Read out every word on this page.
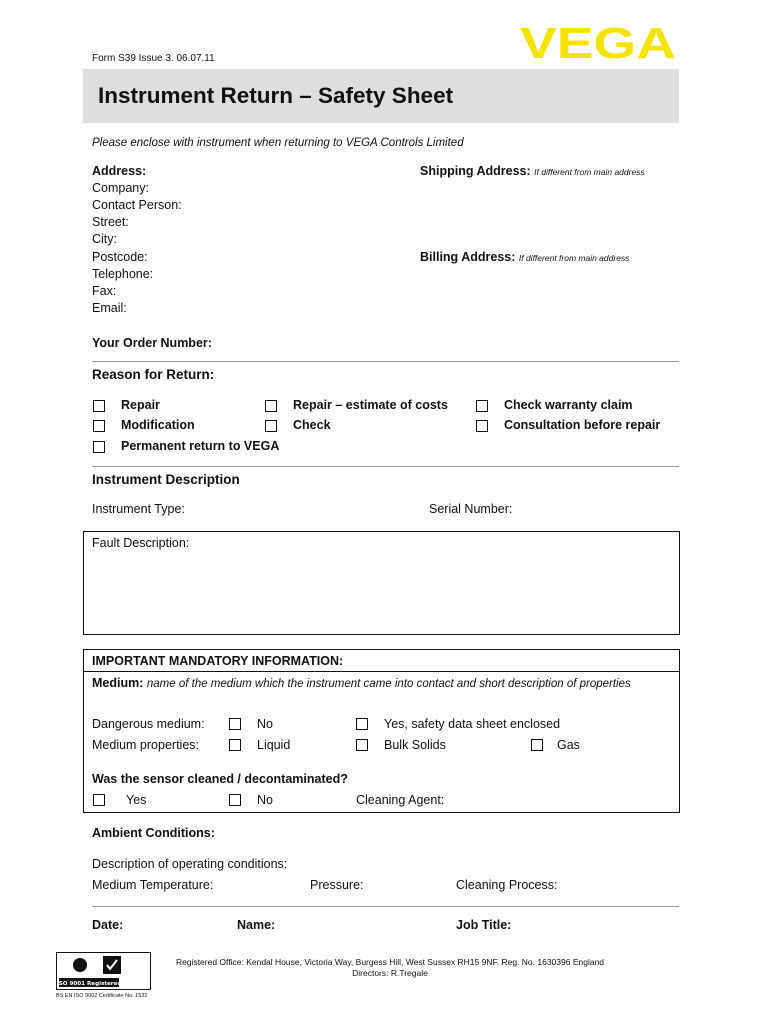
Form S39 Issue 3. 06.07.11	VEGA
Instrument Return – Safety Sheet
Please enclose with instrument when returning to VEGA Controls Limited
Address:
Company:
Contact Person:
Street:
City:
Postcode:
Telephone:
Fax:
Email:
Shipping Address: If different from main address
Billing Address: If different from main address
Your Order Number:
Reason for Return:
Repair	Repair – estimate of costs	Check warranty claim
Modification	Check	Consultation before repair
Permanent return to VEGA
Instrument Description
Instrument Type:	Serial Number:
Fault Description:
IMPORTANT MANDATORY INFORMATION:
Medium: name of the medium which the instrument came into contact and short description of properties
Dangerous medium:	No	Yes, safety data sheet enclosed
Medium properties:	Liquid	Bulk Solids	Gas
Was the sensor cleaned / decontaminated?
Yes	No	Cleaning Agent:
Ambient Conditions:
Description of operating conditions:
Medium Temperature:	Pressure:	Cleaning Process:
Date:	Name:	Job Title:
ISO 9001 Registered
BS EN ISO 9002 Certificate No. 1532
Registered Office: Kendal House, Victoria Way, Burgess Hill, West Sussex RH15 9NF. Reg. No. 1630396 England
Directors: R.Tregale
